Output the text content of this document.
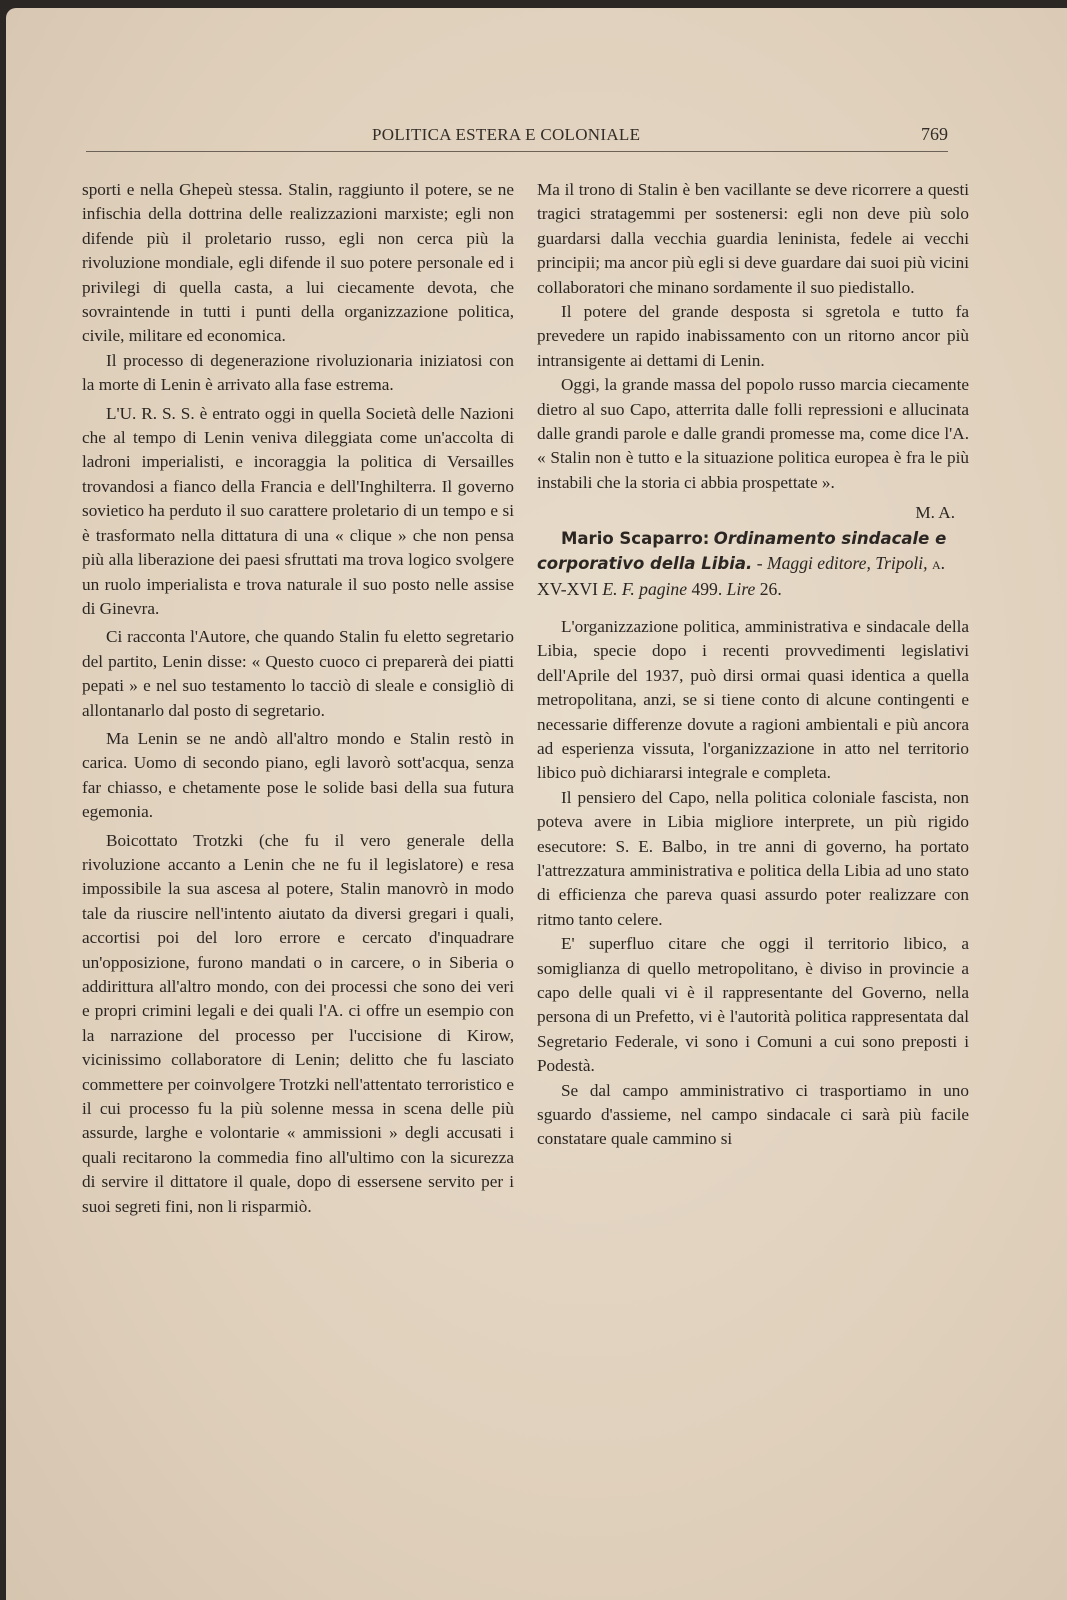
POLITICA ESTERA E COLONIALE	769

sporti e nella Ghepeù stessa. Stalin, raggiunto il potere, se ne infischia della dottrina delle realizzazioni marxiste; egli non difende più il proletario russo, egli non cerca più la rivoluzione mondiale, egli difende il suo potere personale ed i privilegi di quella casta, a lui ciecamente devota, che sovraintende in tutti i punti della organizzazione politica, civile, militare ed economica.

Il processo di degenerazione rivoluzionaria iniziatosi con la morte di Lenin è arrivato alla fase estrema.

L'U. R. S. S. è entrato oggi in quella Società delle Nazioni che al tempo di Lenin veniva dileggiata come un'accolta di ladroni imperialisti, e incoraggia la politica di Versailles trovandosi a fianco della Francia e dell'Inghilterra. Il governo sovietico ha perduto il suo carattere proletario di un tempo e si è trasformato nella dittatura di una « clique » che non pensa più alla liberazione dei paesi sfruttati ma trova logico svolgere un ruolo imperialista e trova naturale il suo posto nelle assise di Ginevra.

Ci racconta l'Autore, che quando Stalin fu eletto segretario del partito, Lenin disse: « Questo cuoco ci preparerà dei piatti pepati » e nel suo testamento lo tacciò di sleale e consigliò di allontanarlo dal posto di segretario.

Ma Lenin se ne andò all'altro mondo e Stalin restò in carica. Uomo di secondo piano, egli lavorò sott'acqua, senza far chiasso, e chetamente pose le solide basi della sua futura egemonia.

Boicottato Trotzki (che fu il vero generale della rivoluzione accanto a Lenin che ne fu il legislatore) e resa impossibile la sua ascesa al potere, Stalin manovrò in modo tale da riuscire nell'intento aiutato da diversi gregari i quali, accortisi poi del loro errore e cercato d'inquadrare un'opposizione, furono mandati o in carcere, o in Siberia o addirittura all'altro mondo, con dei processi che sono dei veri e propri crimini legali e dei quali l'A. ci offre un esempio con la narrazione del processo per l'uccisione di Kirow, vicinissimo collaboratore di Lenin; delitto che fu lasciato commettere per coinvolgere Trotzki nell'attentato terroristico e il cui processo fu la più solenne messa in scena delle più assurde, larghe e volontarie « ammissioni » degli accusati i quali recitarono la commedia fino all'ultimo con la sicurezza di servire il dittatore il quale, dopo di essersene servito per i suoi segreti fini, non li risparmiò.

Ma il trono di Stalin è ben vacillante se deve ricorrere a questi tragici stratagemmi per sostenersi: egli non deve più solo guardarsi dalla vecchia guardia leninista, fedele ai vecchi principii; ma ancor più egli si deve guardare dai suoi più vicini collaboratori che minano sordamente il suo piedistallo.

Il potere del grande desposta si sgretola e tutto fa prevedere un rapido inabissamento con un ritorno ancor più intransigente ai dettami di Lenin.

Oggi, la grande massa del popolo russo marcia ciecamente dietro al suo Capo, atterrita dalle folli repressioni e allucinata dalle grandi parole e dalle grandi promesse ma, come dice l'A. « Stalin non è tutto e la situazione politica europea è fra le più instabili che la storia ci abbia prospettate ».

M. A.

Mario Scaparro: Ordinamento sindacale e corporativo della Libia. - Maggi editore, Tripoli, a. XV-XVI E. F. pagine 499. Lire 26.

L'organizzazione politica, amministrativa e sindacale della Libia, specie dopo i recenti provvedimenti legislativi dell'Aprile del 1937, può dirsi ormai quasi identica a quella metropolitana, anzi, se si tiene conto di alcune contingenti e necessarie differenze dovute a ragioni ambientali e più ancora ad esperienza vissuta, l'organizzazione in atto nel territorio libico può dichiararsi integrale e completa.

Il pensiero del Capo, nella politica coloniale fascista, non poteva avere in Libia migliore interprete, un più rigido esecutore: S. E. Balbo, in tre anni di governo, ha portato l'attrezzatura amministrativa e politica della Libia ad uno stato di efficienza che pareva quasi assurdo poter realizzare con ritmo tanto celere.

E' superfluo citare che oggi il territorio libico, a somiglianza di quello metropolitano, è diviso in provincie a capo delle quali vi è il rappresentante del Governo, nella persona di un Prefetto, vi è l'autorità politica rappresentata dal Segretario Federale, vi sono i Comuni a cui sono preposti i Podestà.

Se dal campo amministrativo ci trasportiamo in uno sguardo d'assieme, nel campo sindacale ci sarà più facile constatare quale cammino si
